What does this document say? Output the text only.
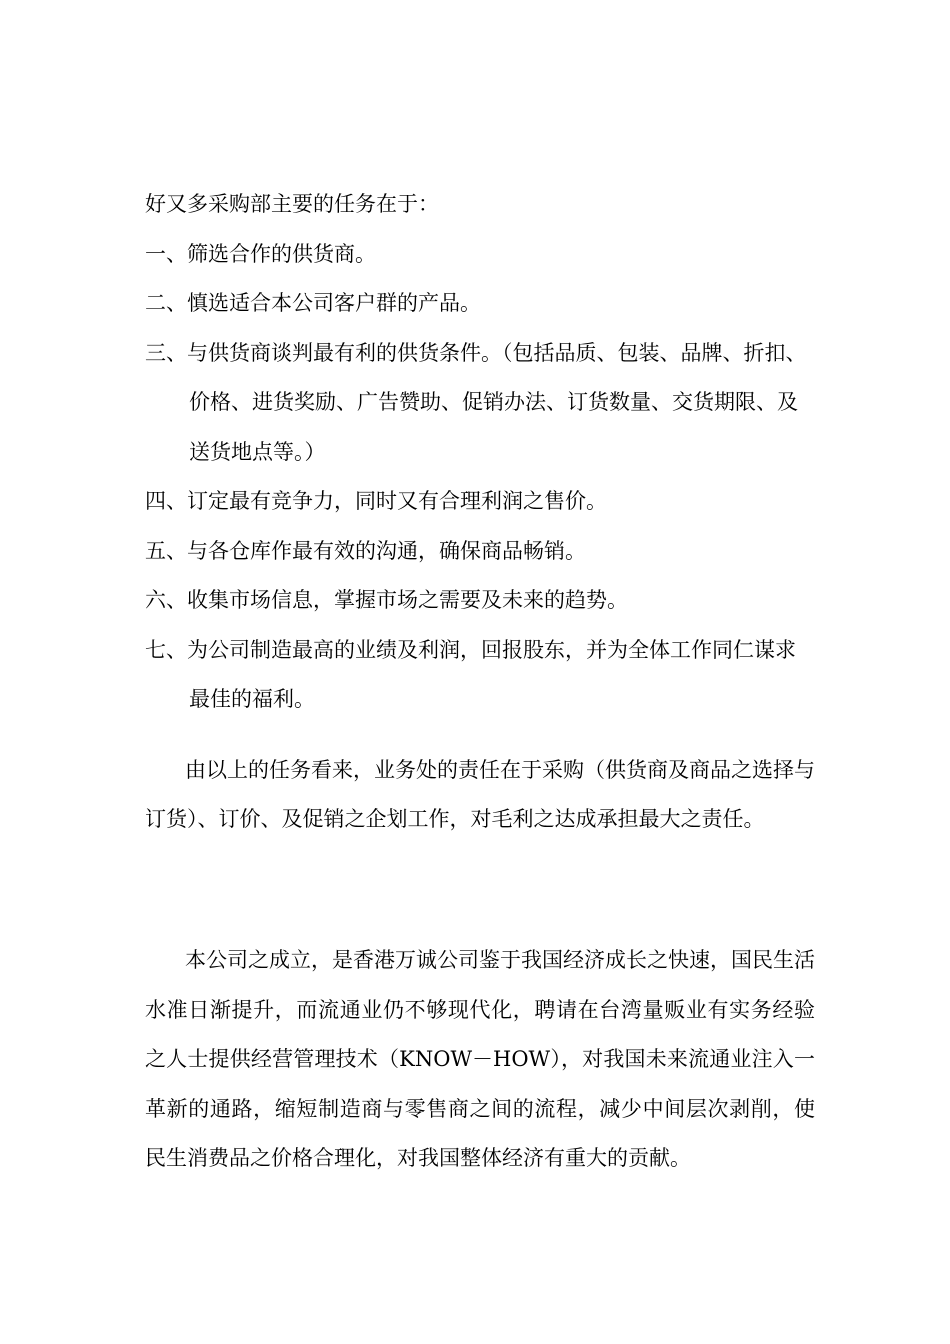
好又多采购部主要的任务在于：

一、筛选合作的供货商。

二、慎选适合本公司客户群的产品。

三、与供货商谈判最有利的供货条件。（包括品质、包装、品牌、折扣、价格、进货奖励、广告赞助、促销办法、订货数量、交货期限、及送货地点等。）

四、订定最有竞争力，同时又有合理利润之售价。

五、与各仓库作最有效的沟通，确保商品畅销。

六、收集市场信息，掌握市场之需要及未来的趋势。

七、为公司制造最高的业绩及利润，回报股东，并为全体工作同仁谋求最佳的福利。

由以上的任务看来，业务处的责任在于采购（供货商及商品之选择与订货）、订价、及促销之企划工作，对毛利之达成承担最大之责任。

本公司之成立，是香港万诚公司鉴于我国经济成长之快速，国民生活水准日渐提升，而流通业仍不够现代化，聘请在台湾量贩业有实务经验之人士提供经营管理技术（KNOW－HOW），对我国未来流通业注入一革新的通路，缩短制造商与零售商之间的流程，减少中间层次剥削，使民生消费品之价格合理化，对我国整体经济有重大的贡献。
